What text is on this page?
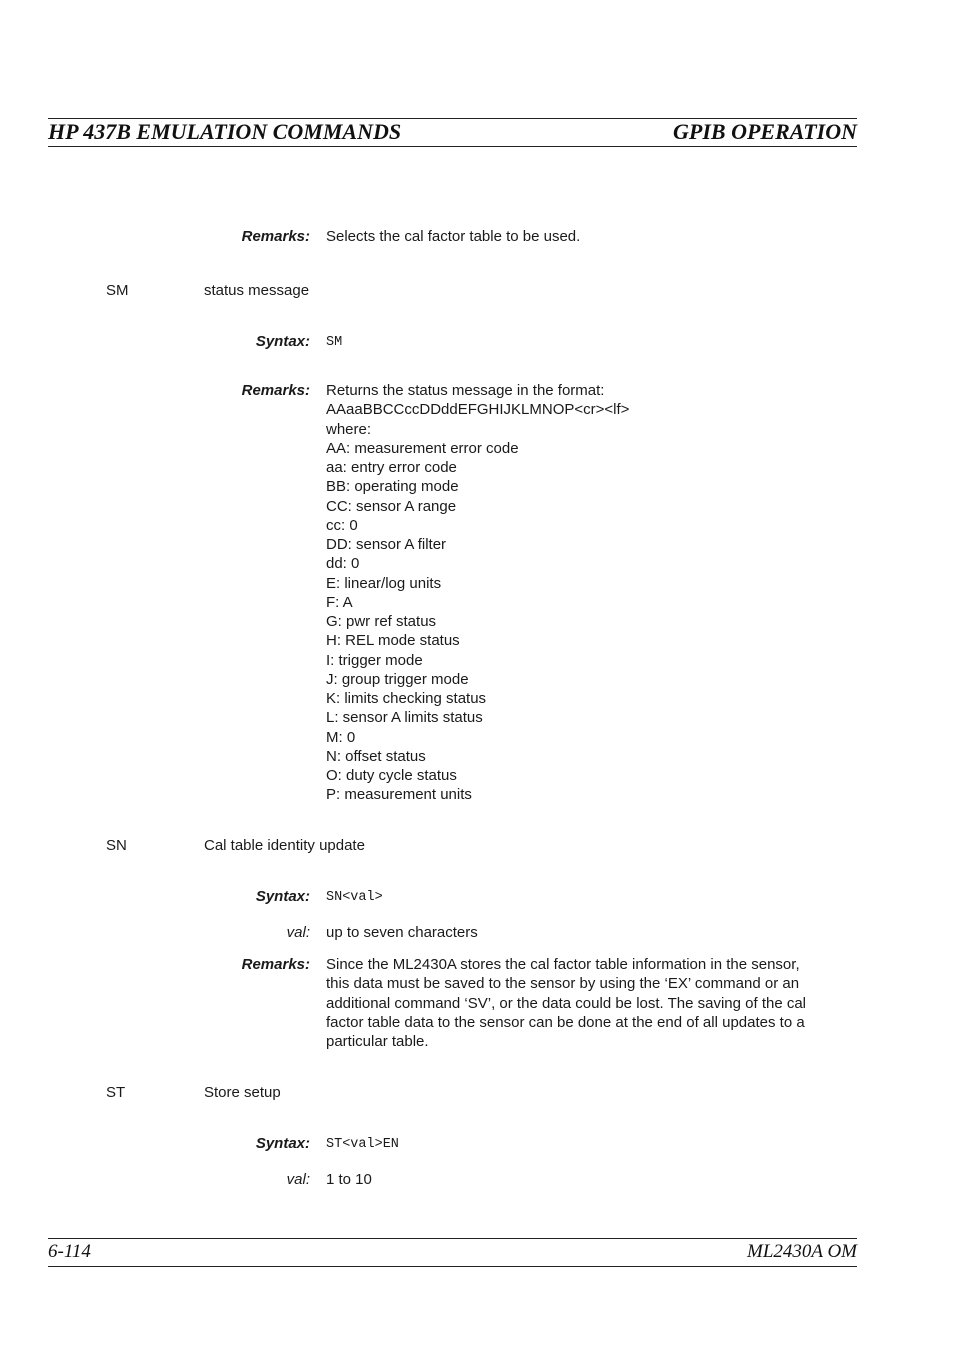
HP 437B EMULATION COMMANDS	GPIB OPERATION
Remarks: Selects the cal factor table to be used.
SM	status message
Syntax: SM
Remarks: Returns the status message in the format:
AAaaBBCCccDDddEFGHIJKLMNOP<cr><lf>
where:
AA: measurement error code
aa: entry error code
BB: operating mode
CC: sensor A range
cc: 0
DD: sensor A filter
dd: 0
E: linear/log units
F: A
G: pwr ref status
H: REL mode status
I: trigger mode
J: group trigger mode
K: limits checking status
L: sensor A limits status
M: 0
N: offset status
O: duty cycle status
P: measurement units
SN	Cal table identity update
Syntax: SN<val>
val: up to seven characters
Remarks: Since the ML2430A stores the cal factor table information in the sensor,
this data must be saved to the sensor by using the ‘EX’ command or an
additional command ‘SV’, or the data could be lost. The saving of the cal
factor table data to the sensor can be done at the end of all updates to a
particular table.
ST	Store setup
Syntax: ST<val>EN
val: 1 to 10
6-114	ML2430A OM
